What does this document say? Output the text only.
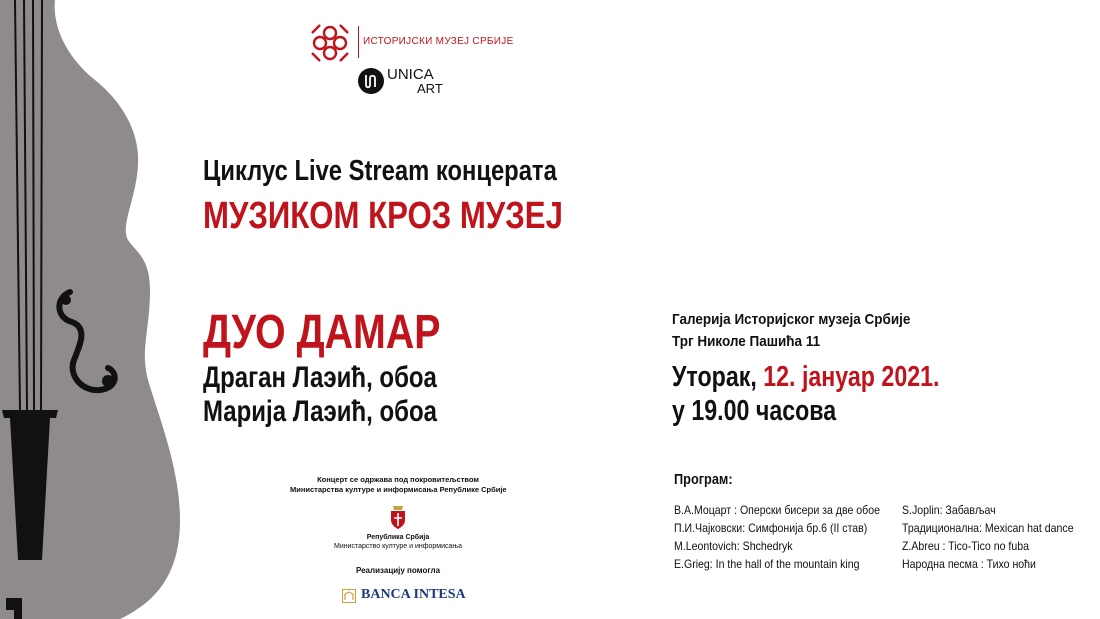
ИСТОРИЈСКИ МУЗЕЈ СРБИЈЕ
UNICA
ART
Циклус Live Stream концерата
МУЗИКОМ КРОЗ МУЗЕЈ
ДУО ДАМАР
Драган Лаэић, обоа
Марија Лаэић, обоа
Галерија Историјског музеја Србије
Трг Николе Пашића 11
Уторак, 12. јануар 2021.
у 19.00 часова
Програм:
В.А.Моцарт : Оперски бисери за две обое
П.И.Чајковски: Симфонија бр.6 (II став)
M.Leontovich: Shchedryk
E.Grieg: In the hall of the mountain king
S.Joplin: Забављач
Традиционална: Mexican hat dance
Z.Abreu : Tico-Tico no fuba
Народна песма : Тихо ноћи
Концерт се одржава под покровитељством
Министарства културе и информисања Републике Србије
Република Србија
Министарство културе и информисања
Реализацију помогла
BANCA INTESA
